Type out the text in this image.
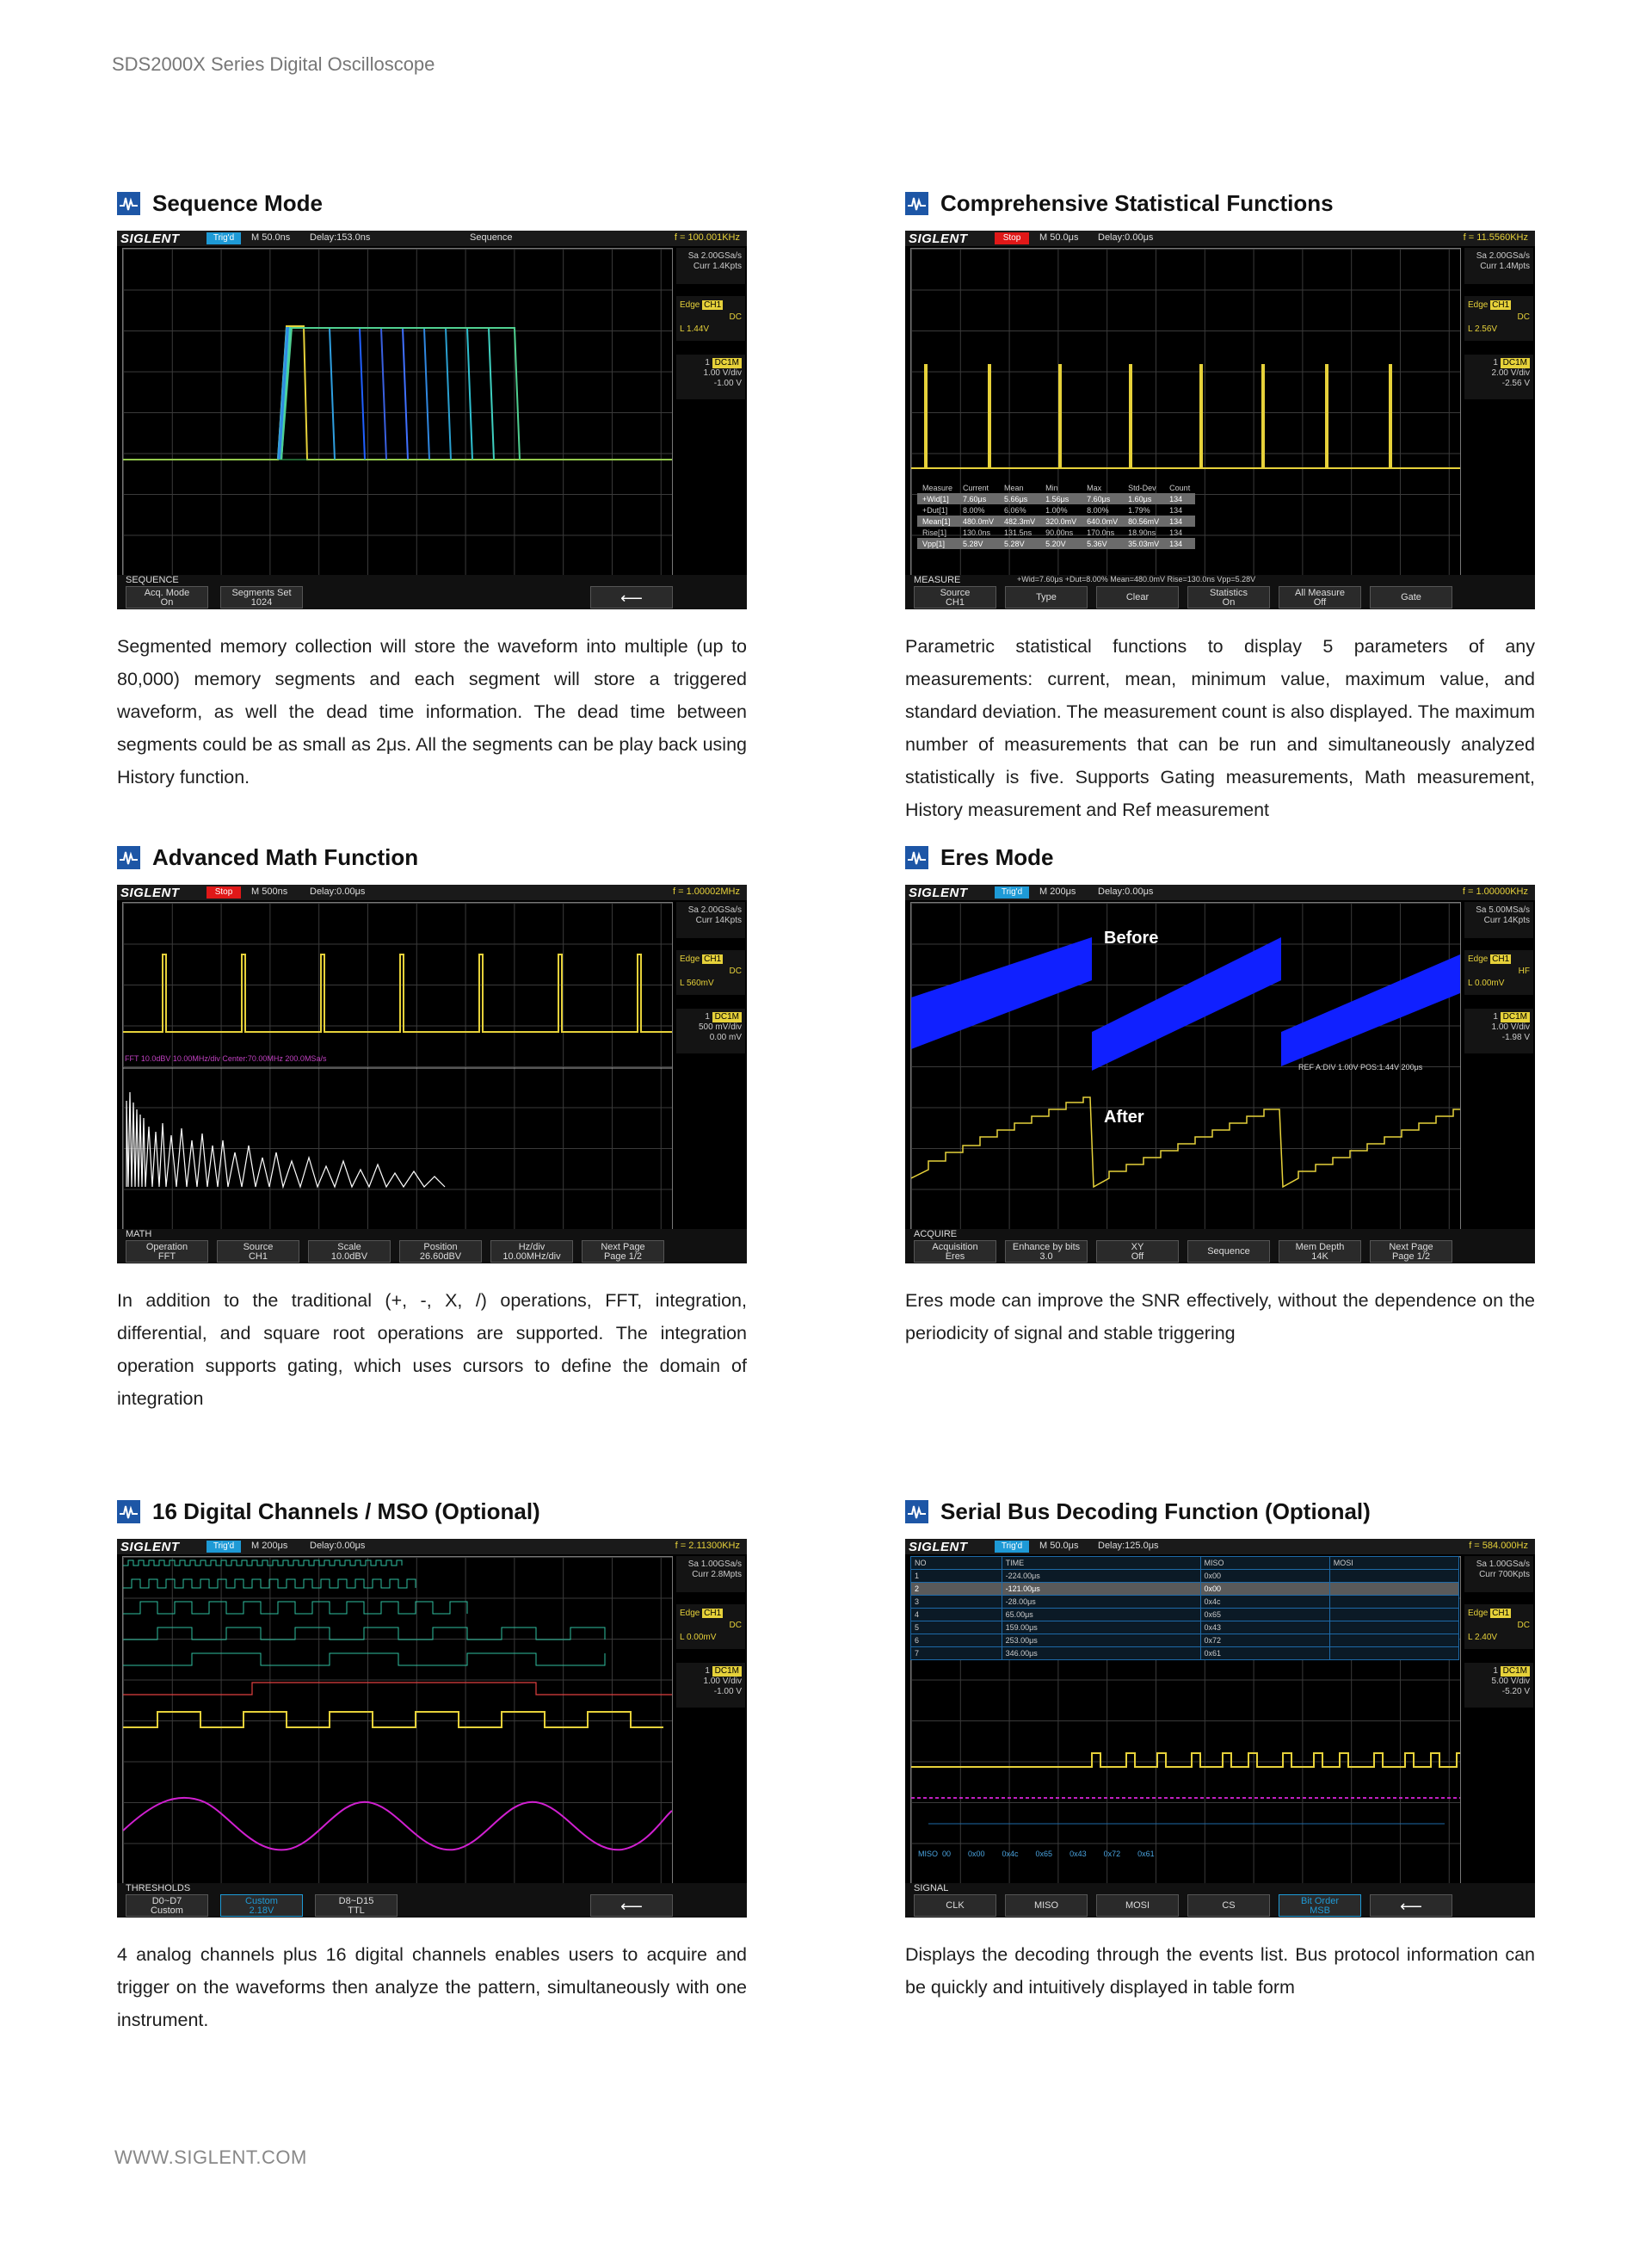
SDS2000X Series Digital Oscilloscope
Sequence Mode
SIGLENT	Trig'd	M 50.0ns Delay:153.0ns	Sequence	f = 100.001KHz
Sa 2.00GSa/s
Curr 1.4Kpts
Edge CH1
DC
L 1.44V
1 DC1M
1.00 V/div
-1.00 V
SEQUENCE
Acq. Mode
On
Segments Set
1024	⟵
Segmented memory collection will store the waveform into multiple (up to 80,000) memory segments and each segment will store a triggered waveform, as well the dead time information. The dead time between segments could be as small as 2μs. All the segments can be play back using History function.
Comprehensive Statistical Functions
SIGLENT	Stop	M 50.0μs Delay:0.00μs	f = 11.5560KHz
Measure	Current	Mean	Min	Max	Std-Dev	Count
+Wid[1]	7.60μs	5.66μs	1.56μs	7.60μs	1.60μs	134
+Dut[1]	8.00%	6.06%	1.00%	8.00%	1.79%	134
Mean[1]	480.0mV	482.3mV	320.0mV	640.0mV	80.56mV	134
Rise[1]	130.0ns	131.5ns	90.00ns	170.0ns	18.90ns	134
Vpp[1]	5.28V	5.28V	5.20V	5.36V	35.03mV	134
Sa 2.00GSa/s
Curr 1.4Mpts
Edge CH1
DC
L 2.56V
1 DC1M
2.00 V/div
-2.56 V
MEASURE	+Wid=7.60μs +Dut=8.00% Mean=480.0mV Rise=130.0ns Vpp=5.28V
Source
CH1	Type	Clear	Statistics
On
All Measure
Off	Gate
Parametric statistical functions to display 5 parameters of any measurements: current, mean, minimum value, maximum value, and standard deviation. The measurement count is also displayed. The maximum number of measurements that can be run and simultaneously analyzed statistically is five. Supports Gating measurements, Math measurement, History measurement and Ref measurement
Advanced Math Function
SIGLENT	Stop	M 500ns Delay:0.00μs	f = 1.00002MHz
FFT 10.0dBV 10.00MHz/div Center:70.00MHz 200.0MSa/s
Sa 2.00GSa/s
Curr 14Kpts
Edge CH1
DC
L 560mV
1 DC1M
500 mV/div
0.00 mV
MATH
Operation
FFT
Source
CH1
Scale
10.0dBV
Position
26.60dBV
Hz/div
10.00MHz/div
Next Page
Page 1/2
In addition to the traditional (+, -, X, /) operations, FFT, integration, differential, and square root operations are supported. The integration operation supports gating, which uses cursors to define the domain of integration
Eres Mode
SIGLENT	Trig'd	M 200μs Delay:0.00μs	f = 1.00000KHz
Before
After
REF A:DIV 1.00V POS:1.44V 200μs
Sa 5.00MSa/s
Curr 14Kpts
Edge CH1
HF
L 0.00mV
1 DC1M
1.00 V/div
-1.98 V
ACQUIRE
Acquisition
Eres
Enhance by bits
3.0
XY
Off	Sequence	Mem Depth
14K
Next Page
Page 1/2
Eres mode can improve the SNR effectively, without the dependence on the periodicity of signal and stable triggering
16 Digital Channels / MSO (Optional)
SIGLENT	Trig'd	M 200μs Delay:0.00μs	f = 2.11300KHz
Sa 1.00GSa/s
Curr 2.8Mpts
Edge CH1
DC
L 0.00mV
1 DC1M
1.00 V/div
-1.00 V
THRESHOLDS
D0~D7
Custom
Custom
2.18V
D8~D15
TTL	⟵
4 analog channels plus 16 digital channels enables users to acquire and trigger on the waveforms then analyze the pattern, simultaneously with one instrument.
Serial Bus Decoding Function (Optional)
SIGLENT	Trig'd	M 50.0μs Delay:125.0μs	f = 584.000Hz
MISO  00        0x00        0x4c        0x65        0x43        0x72        0x61
NO	TIME	MISO	MOSI
1	-224.00μs	0x00	
2	-121.00μs	0x00	
3	-28.00μs	0x4c	
4	65.00μs	0x65	
5	159.00μs	0x43	
6	253.00μs	0x72	
7	346.00μs	0x61	
Sa 1.00GSa/s
Curr 700Kpts
Edge CH1
DC
L 2.40V
1 DC1M
5.00 V/div
-5.20 V
SIGNAL
CLK	MISO	MOSI	CS	Bit Order
MSB	⟵
Displays the decoding through the events list. Bus protocol information can be quickly and intuitively displayed in table form
WWW.SIGLENT.COM
